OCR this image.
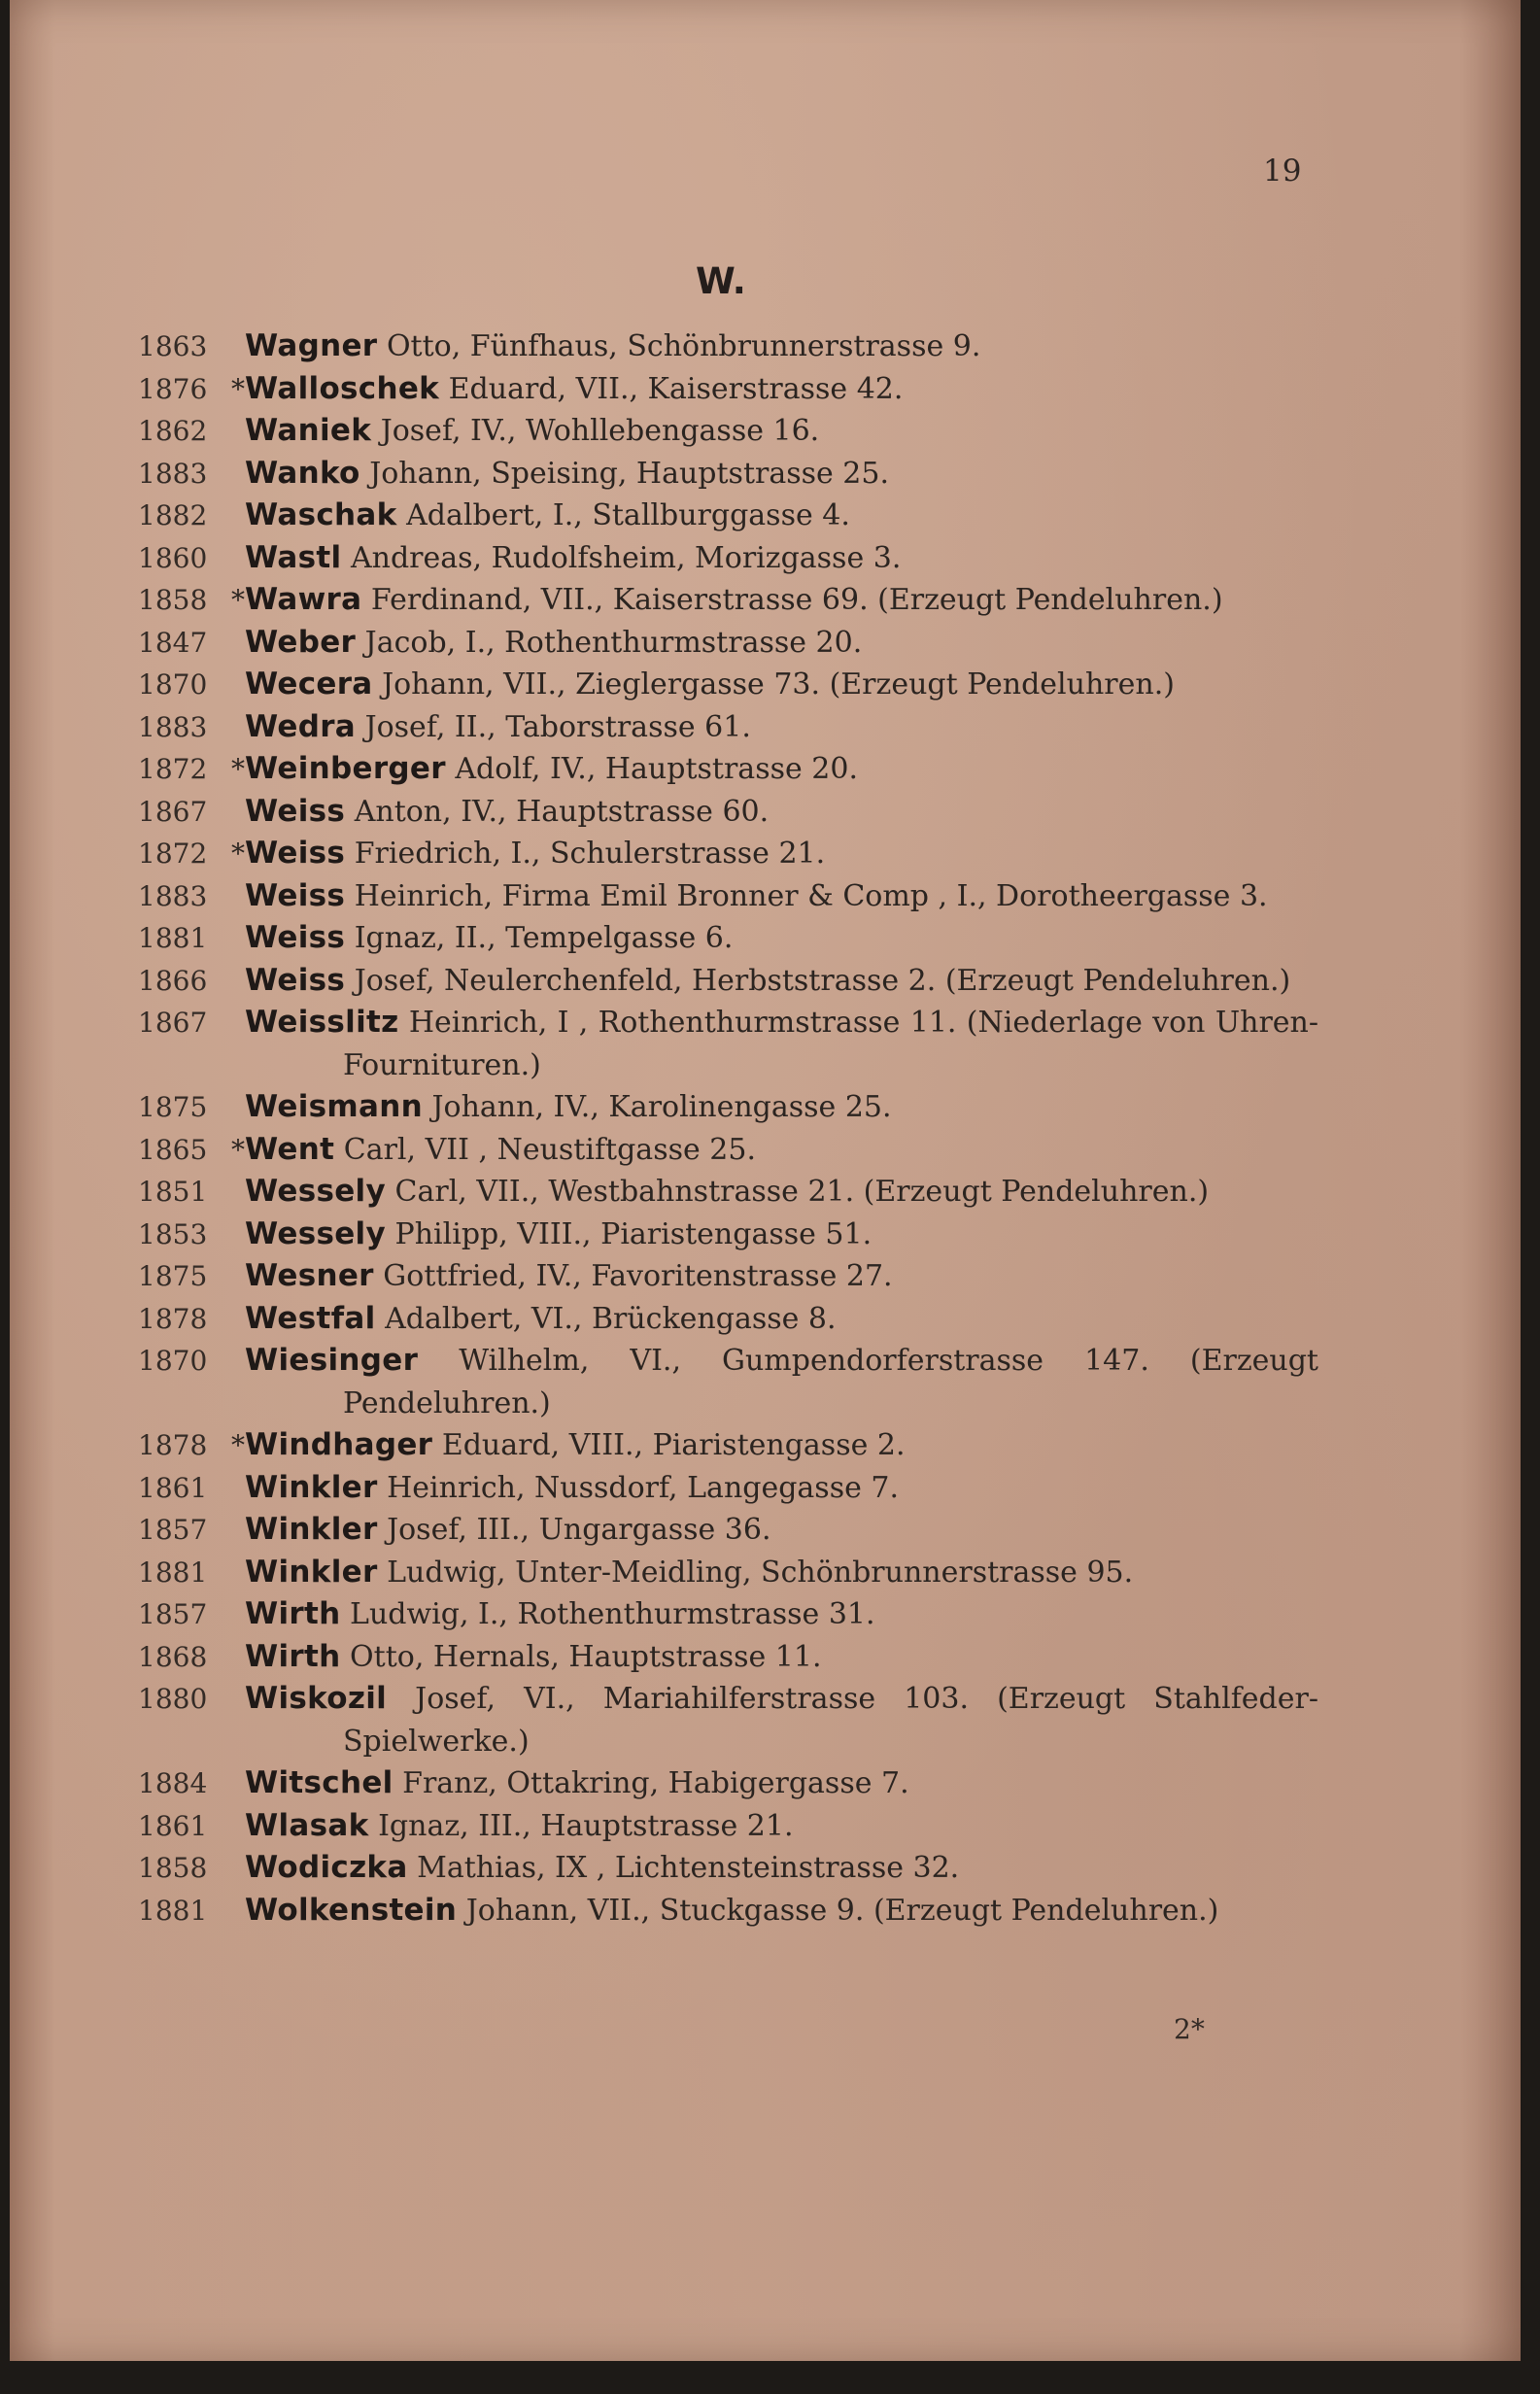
19
W.
1863	Wagner Otto, Fünfhaus, Schönbrunnerstrasse 9.
1876 * Walloschek Eduard, VII., Kaiserstrasse 42.
1862	Waniek Josef, IV., Wohllebengasse 16.
1883	Wanko Johann, Speising, Hauptstrasse 25.
1882	Waschak Adalbert, I., Stallburggasse 4.
1860	Wastl Andreas, Rudolfsheim, Morizgasse 3.
1858 * Wawra Ferdinand, VII., Kaiserstrasse 69. (Erzeugt Pendeluhren.)
1847	Weber Jacob, I., Rothenthurmstrasse 20.
1870	Wecera Johann, VII., Zieglergasse 73. (Erzeugt Pendeluhren.)
1883	Wedra Josef, II., Taborstrasse 61.
1872 * Weinberger Adolf, IV., Hauptstrasse 20.
1867	Weiss Anton, IV., Hauptstrasse 60.
1872 * Weiss Friedrich, I., Schulerstrasse 21.
1883	Weiss Heinrich, Firma Emil Bronner & Comp , I., Dorotheergasse 3.
1881	Weiss Ignaz, II., Tempelgasse 6.
1866	Weiss Josef, Neulerchenfeld, Herbststrasse 2. (Erzeugt Pendeluhren.)
1867	Weisslitz Heinrich, I , Rothenthurmstrasse 11. (Niederlage von Uhren-Fournituren.)
1875	Weismann Johann, IV., Karolinengasse 25.
1865 * Went Carl, VII , Neustiftgasse 25.
1851	Wessely Carl, VII., Westbahnstrasse 21. (Erzeugt Pendeluhren.)
1853	Wessely Philipp, VIII., Piaristengasse 51.
1875	Wesner Gottfried, IV., Favoritenstrasse 27.
1878	Westfal Adalbert, VI., Brückengasse 8.
1870	Wiesinger Wilhelm, VI., Gumpendorferstrasse 147. (Erzeugt Pendeluhren.)
1878 * Windhager Eduard, VIII., Piaristengasse 2.
1861	Winkler Heinrich, Nussdorf, Langegasse 7.
1857	Winkler Josef, III., Ungargasse 36.
1881	Winkler Ludwig, Unter-Meidling, Schönbrunnerstrasse 95.
1857	Wirth Ludwig, I., Rothenthurmstrasse 31.
1868	Wirth Otto, Hernals, Hauptstrasse 11.
1880	Wiskozil Josef, VI., Mariahilferstrasse 103. (Erzeugt Stahlfeder-Spielwerke.)
1884	Witschel Franz, Ottakring, Habigergasse 7.
1861	Wlasak Ignaz, III., Hauptstrasse 21.
1858	Wodiczka Mathias, IX , Lichtensteinstrasse 32.
1881	Wolkenstein Johann, VII., Stuckgasse 9. (Erzeugt Pendeluhren.)
2*
